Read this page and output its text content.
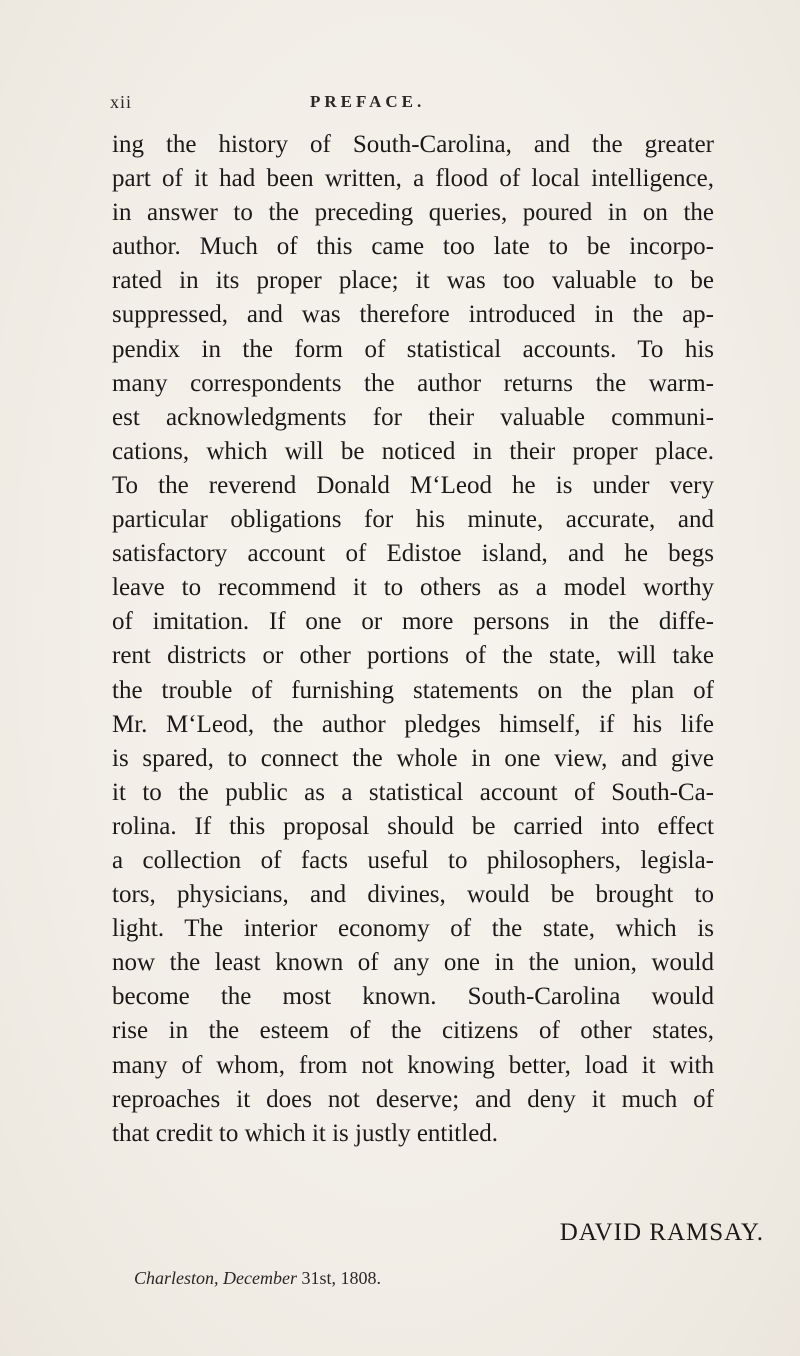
xii	PREFACE.
ing the history of South-Carolina, and the greater
part of it had been written, a flood of local intelligence,
in answer to the preceding queries, poured in on the
author. Much of this came too late to be incorpo-
rated in its proper place; it was too valuable to be
suppressed, and was therefore introduced in the ap-
pendix in the form of statistical accounts. To his
many correspondents the author returns the warm-
est acknowledgments for their valuable communi-
cations, which will be noticed in their proper place.
To the reverend Donald M‘Leod he is under very
particular obligations for his minute, accurate, and
satisfactory account of Edistoe island, and he begs
leave to recommend it to others as a model worthy
of imitation. If one or more persons in the diffe-
rent districts or other portions of the state, will take
the trouble of furnishing statements on the plan of
Mr. M‘Leod, the author pledges himself, if his life
is spared, to connect the whole in one view, and give
it to the public as a statistical account of South-Ca-
rolina. If this proposal should be carried into effect
a collection of facts useful to philosophers, legisla-
tors, physicians, and divines, would be brought to
light. The interior economy of the state, which is
now the least known of any one in the union, would
become the most known. South-Carolina would
rise in the esteem of the citizens of other states,
many of whom, from not knowing better, load it with
reproaches it does not deserve; and deny it much of
that credit to which it is justly entitled.
DAVID RAMSAY.
Charleston, December 31st, 1808.
